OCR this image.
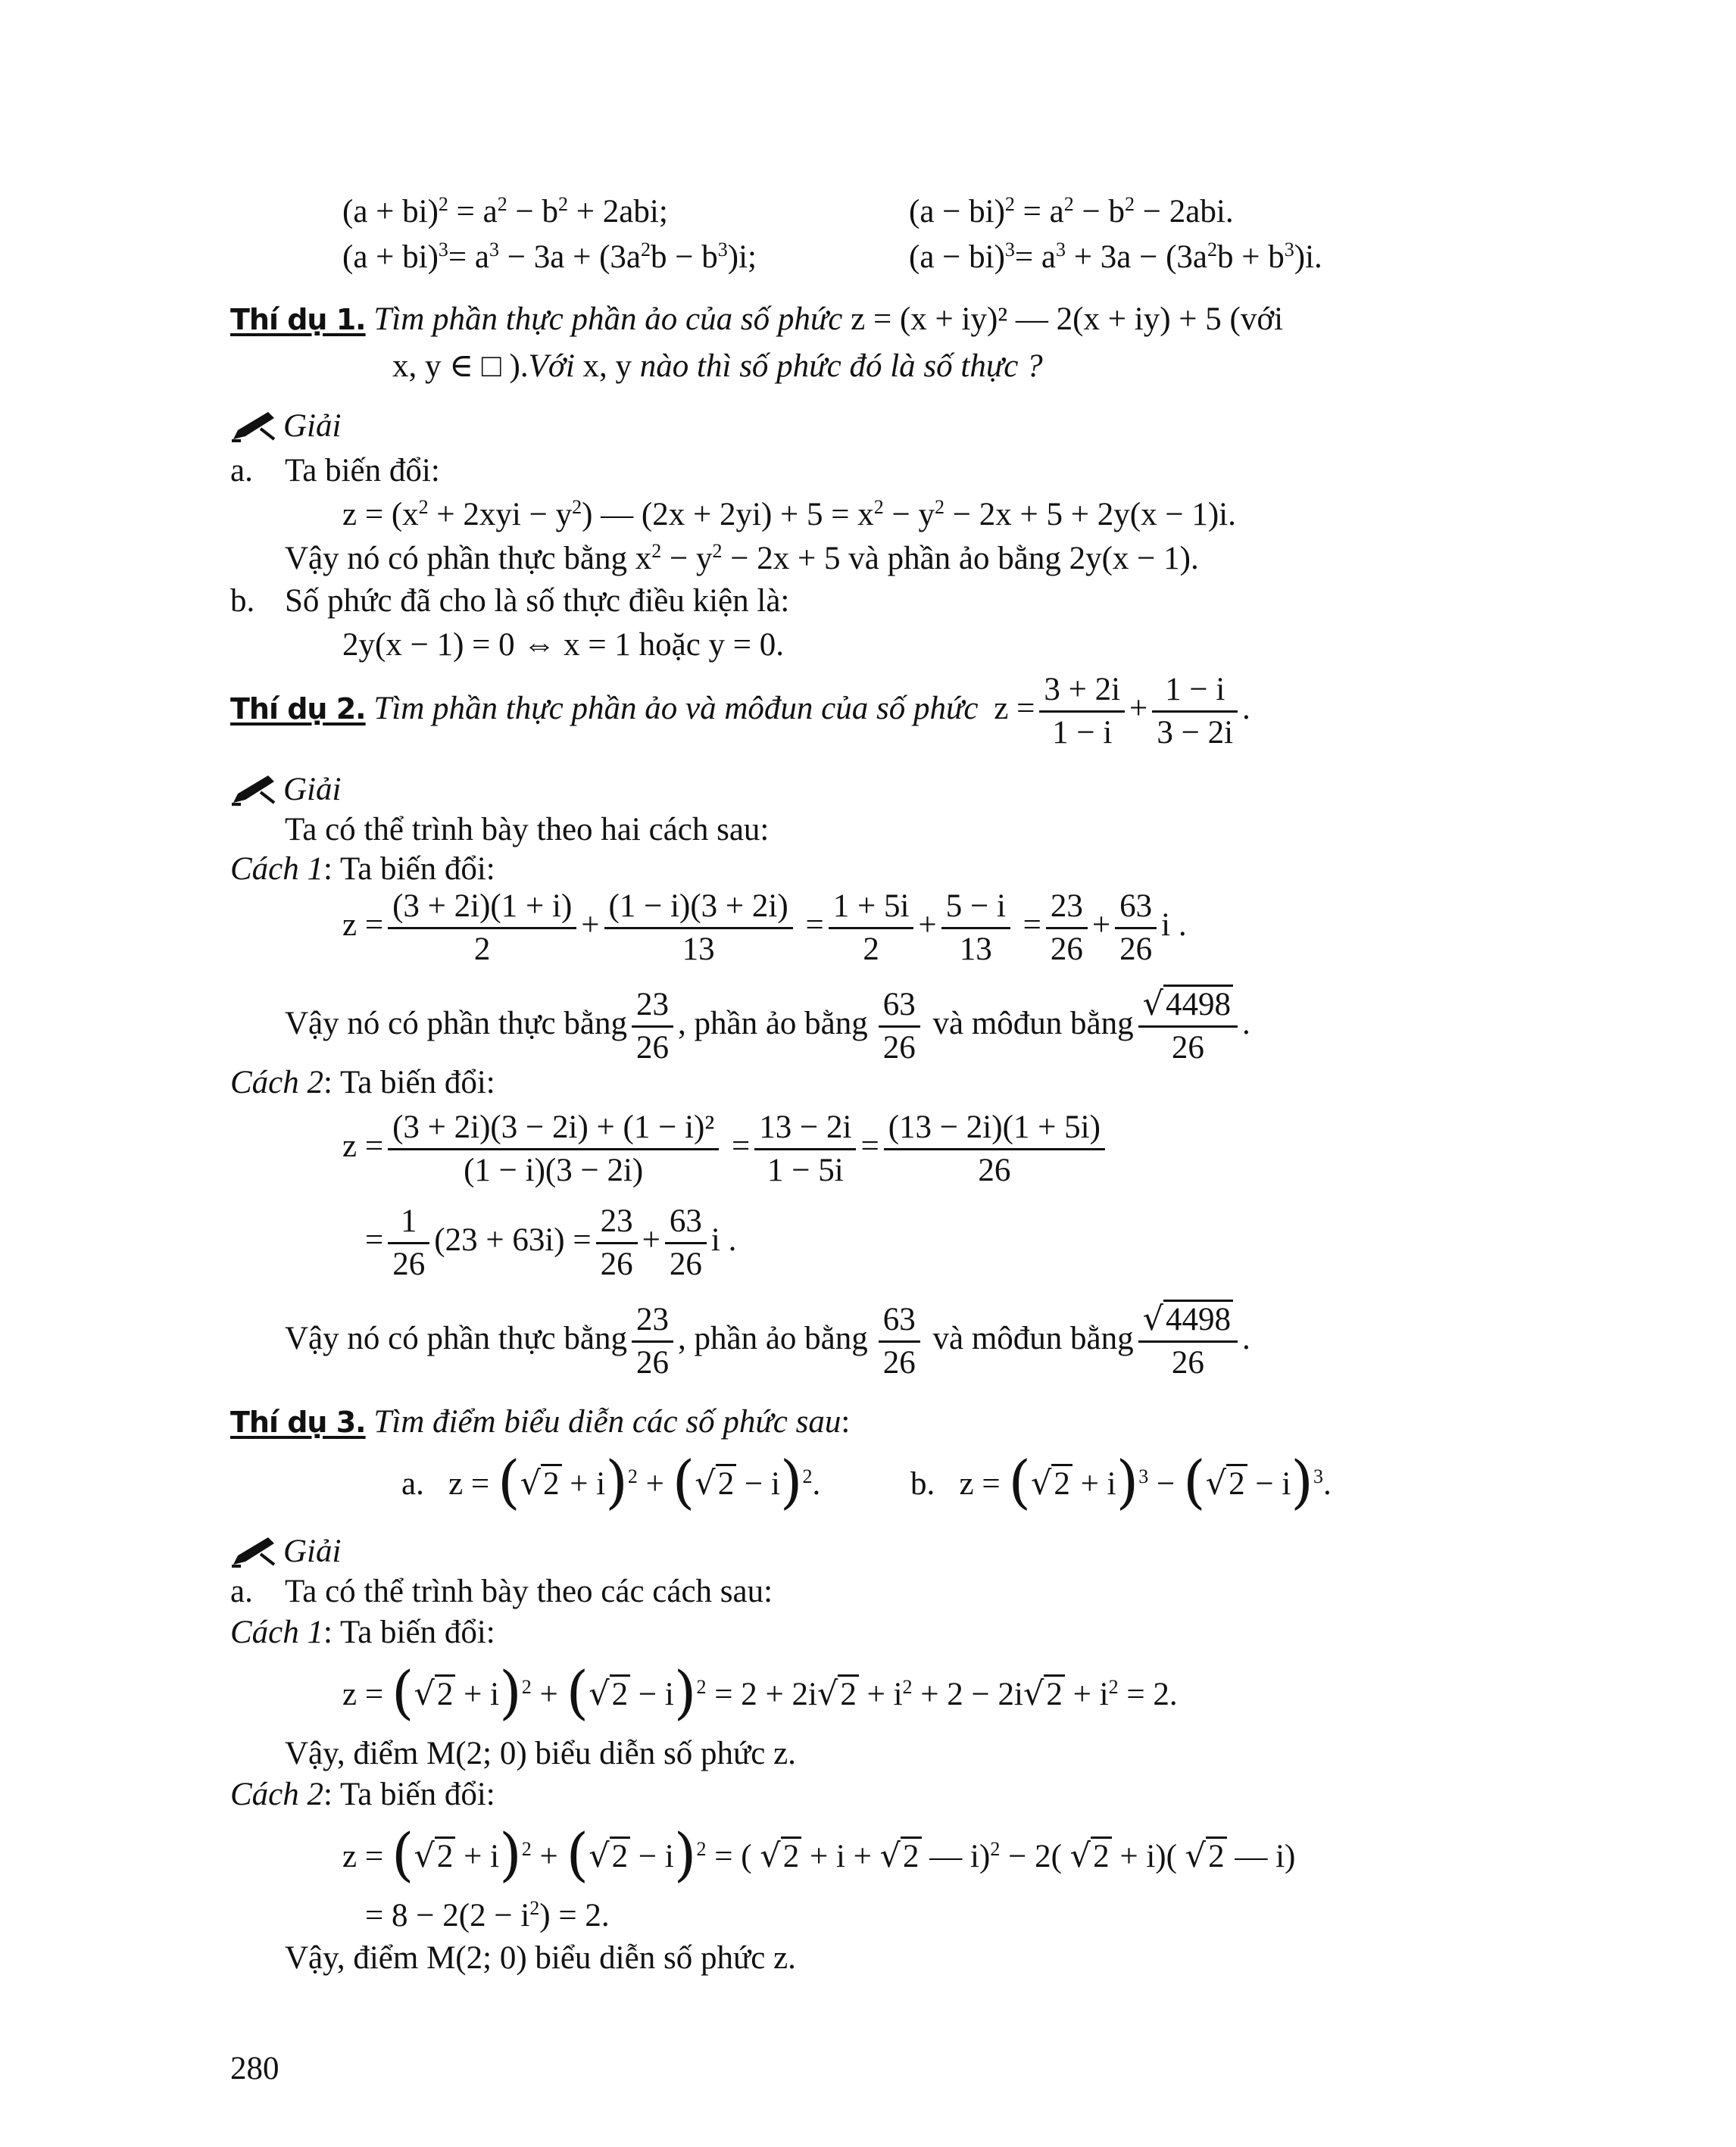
$(a + bi)^2 = a^2 - b^2 + 2abi$;	$(a - bi)^2 = a^2 - b^2 - 2abi$.
$(a + bi)^3= a^3 - 3a + (3a^2b - b^3)i$;	$(a - bi)^3= a^3 + 3a - (3a^2b + b^3)i$.
Thí dụ 1. Tìm phần thực phần ảo của số phức z = (x + iy)² — 2(x + iy) + 5 (với
x, y ∈ □ ).Với x, y nào thì số phức đó là số thực ?
Giải
a. Ta biến đổi:
$z = (x^2 + 2xyi - y^2)$ — $(2x + 2yi) + 5 = x^2 - y^2 - 2x + 5 + 2y(x - 1)i$.
Vậy nó có phần thực bằng $x^2 - y^2 - 2x + 5$ và phần ảo bằng 2y(x − 1).
b. Số phức đã cho là số thực điều kiện là:
2y(x − 1) = 0 ⇔ x = 1 hoặc y = 0.
Thí dụ 2. Tìm phần thực phần ảo và môđun của số phức $z = \frac{3 + 2i}{1 - i} + \frac{1 - i}{3 - 2i}$ .
Giải
Ta có thể trình bày theo hai cách sau:
Cách 1: Ta biến đổi:
$z = \frac{(3 + 2i)(1 + i)}{2} + \frac{(1 - i)(3 + 2i)}{13} = \frac{1 + 5i}{2} + \frac{5 - i}{13} = \frac{23}{26} + \frac{63}{26}$ i .
Vậy nó có phần thực bằng $\frac{23}{26}$ , phần ảo bằng $\frac{63}{26}$ và môđun bằng $\frac{√4498}{26}$ .
Cách 2: Ta biến đổi:
$z = \frac{\text{(3 + 2i)(3 − 2i) + (1 − i)²}}{(1 - i)(3 - 2i)} = \frac{13 - 2i}{1 - 5i} = \frac{(13 - 2i)(1 + 5i)}{26}$
= $\frac{1}{26} (23 + 63i) = \frac{23}{26} + \frac{63}{26}$ i .
Vậy nó có phần thực bằng $\frac{23}{26}$ , phần ảo bằng $\frac{63}{26}$ và môđun bằng $\frac{√4498}{26}$ .
Thí dụ 3. Tìm điểm biểu diễn các số phức sau:
a.   $z = (√2 + i)^2 + (√2 - i)^2$.	b.   $z = (√2 + i)^3 - (√2 - i)^3$.
Giải
a. Ta có thể trình bày theo các cách sau:
Cách 1: Ta biến đổi:
$z = (√2 + i)^2 + (√2 - i)^2 = 2 + 2i√2 + i^2 + 2 - 2i√2 + i^2 = 2$.
Vậy, điểm M(2; 0) biểu diễn số phức z.
Cách 2: Ta biến đổi:
$z = (√2 + i)^2 + (√2 - i)^2$ = ( √2 + i + √2 — i)$^2$ − 2( √2 + i)( √2 — i)
= $8 - 2(2 - i^2) = 2$.
Vậy, điểm M(2; 0) biểu diễn số phức z.
280
